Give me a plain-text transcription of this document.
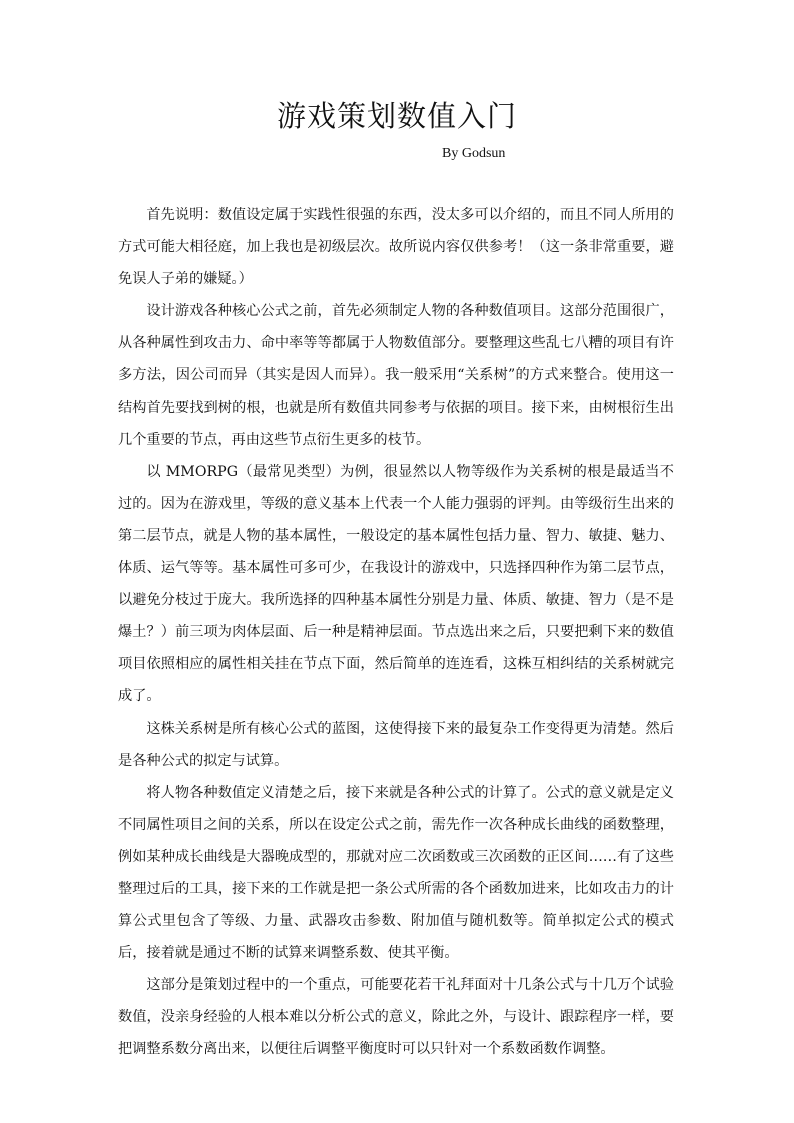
游戏策划数值入门
By Godsun

首先说明：数值设定属于实践性很强的东西，没太多可以介绍的，而且不同人所用的方式可能大相径庭，加上我也是初级层次。故所说内容仅供参考！（这一条非常重要，避免误人子弟的嫌疑。）

设计游戏各种核心公式之前，首先必须制定人物的各种数值项目。这部分范围很广，从各种属性到攻击力、命中率等等都属于人物数值部分。要整理这些乱七八糟的项目有许多方法，因公司而异（其实是因人而异）。我一般采用“关系树”的方式来整合。使用这一结构首先要找到树的根，也就是所有数值共同参考与依据的项目。接下来，由树根衍生出几个重要的节点，再由这些节点衍生更多的枝节。

以 MMORPG（最常见类型）为例，很显然以人物等级作为关系树的根是最适当不过的。因为在游戏里，等级的意义基本上代表一个人能力强弱的评判。由等级衍生出来的第二层节点，就是人物的基本属性，一般设定的基本属性包括力量、智力、敏捷、魅力、体质、运气等等。基本属性可多可少，在我设计的游戏中，只选择四种作为第二层节点，以避免分枝过于庞大。我所选择的四种基本属性分别是力量、体质、敏捷、智力（是不是爆土？）前三项为肉体层面、后一种是精神层面。节点选出来之后，只要把剩下来的数值项目依照相应的属性相关挂在节点下面，然后简单的连连看，这株互相纠结的关系树就完成了。

这株关系树是所有核心公式的蓝图，这使得接下来的最复杂工作变得更为清楚。然后是各种公式的拟定与试算。

将人物各种数值定义清楚之后，接下来就是各种公式的计算了。公式的意义就是定义不同属性项目之间的关系，所以在设定公式之前，需先作一次各种成长曲线的函数整理，例如某种成长曲线是大器晚成型的，那就对应二次函数或三次函数的正区间……有了这些整理过后的工具，接下来的工作就是把一条公式所需的各个函数加进来，比如攻击力的计算公式里包含了等级、力量、武器攻击参数、附加值与随机数等。简单拟定公式的模式后，接着就是通过不断的试算来调整系数、使其平衡。

这部分是策划过程中的一个重点，可能要花若干礼拜面对十几条公式与十几万个试验数值，没亲身经验的人根本难以分析公式的意义，除此之外，与设计、跟踪程序一样，要把调整系数分离出来，以便往后调整平衡度时可以只针对一个系数函数作调整。
